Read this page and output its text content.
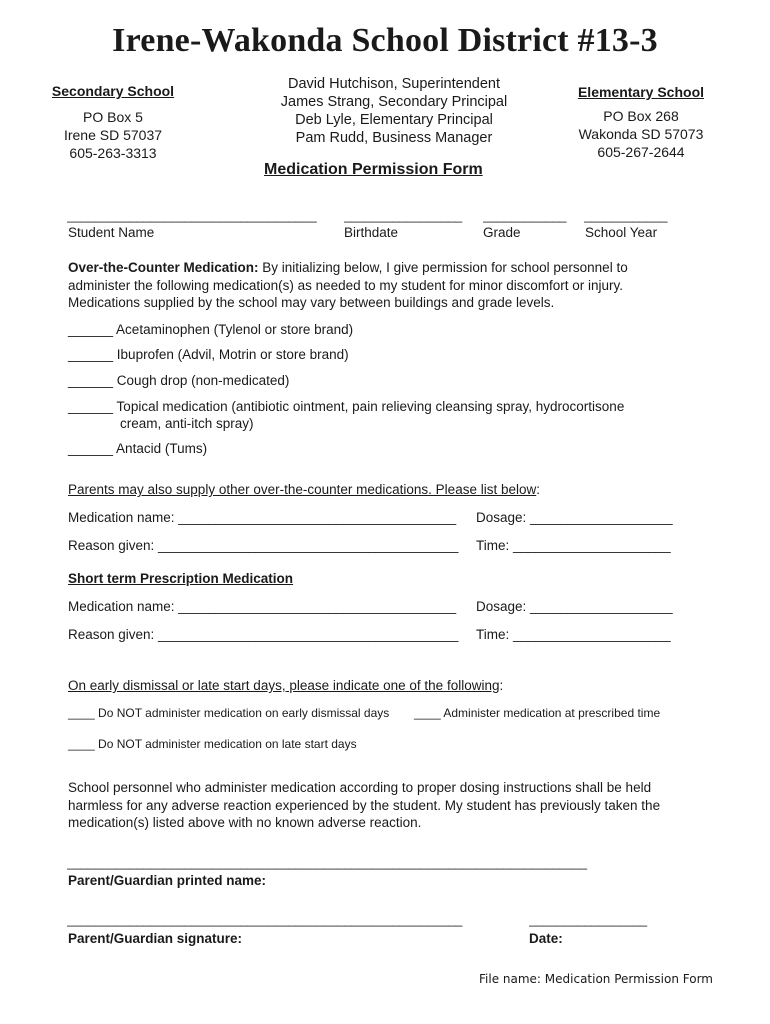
Irene-Wakonda School District #13-3
Secondary School
PO Box 5
Irene SD 57037
605-263-3313
David Hutchison, Superintendent
James Strang, Secondary Principal
Deb Lyle, Elementary Principal
Pam Rudd, Business Manager
Elementary School
PO Box 268
Wakonda SD 57073
605-267-2644
Medication Permission Form
____________________________________	_________________	____________	____________
Student Name	Birthdate	Grade	School Year
Over-the-Counter Medication: By initializing below, I give permission for school personnel to administer the following medication(s) as needed to my student for minor discomfort or injury. Medications supplied by the school may vary between buildings and grade levels.
______ Acetaminophen (Tylenol or store brand)
______ Ibuprofen (Advil, Motrin or store brand)
______ Cough drop (non-medicated)
______ Topical medication (antibiotic ointment, pain relieving cleansing spray, hydrocortisone
cream, anti-itch spray)
______ Antacid (Tums)
Parents may also supply other over-the-counter medications. Please list below:
Medication name: _____________________________________ Dosage: ___________________
Reason given: ________________________________________ Time: _____________________
Short term Prescription Medication
Medication name: _____________________________________ Dosage: ___________________
Reason given: ________________________________________ Time: _____________________
On early dismissal or late start days, please indicate one of the following:
____ Do NOT administer medication on early dismissal days ____ Administer medication at prescribed time
____ Do NOT administer medication on late start days
School personnel who administer medication according to proper dosing instructions shall be held harmless for any adverse reaction experienced by the student. My student has previously taken the medication(s) listed above with no known adverse reaction.
___________________________________________________________________________
Parent/Guardian printed name:
_________________________________________________________	_________________
Parent/Guardian signature:	Date:
File name: Medication Permission Form
